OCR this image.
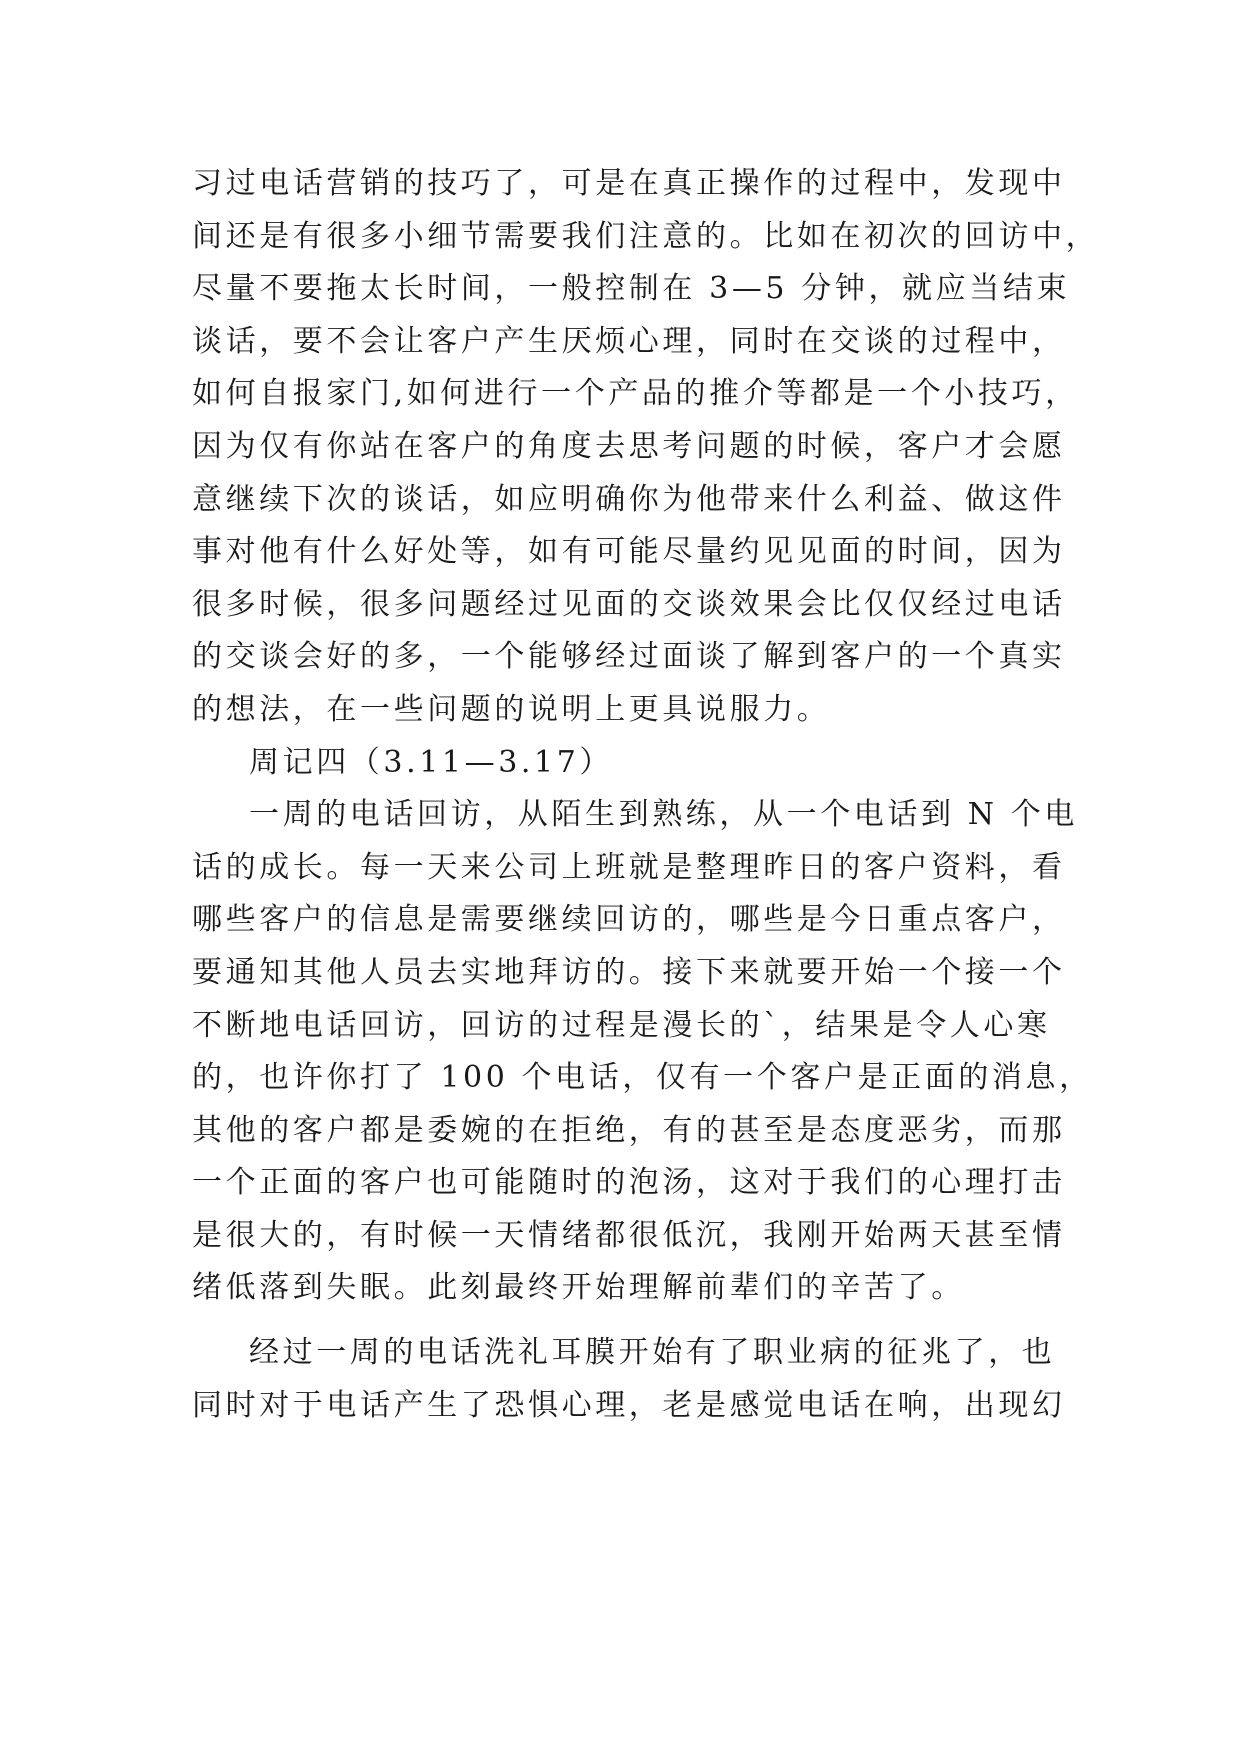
习过电话营销的技巧了，可是在真正操作的过程中，发现中
间还是有很多小细节需要我们注意的。比如在初次的回访中，
尽量不要拖太长时间，一般控制在 3—5 分钟，就应当结束
谈话，要不会让客户产生厌烦心理，同时在交谈的过程中，
如何自报家门,如何进行一个产品的推介等都是一个小技巧，
因为仅有你站在客户的角度去思考问题的时候，客户才会愿
意继续下次的谈话，如应明确你为他带来什么利益、做这件
事对他有什么好处等，如有可能尽量约见见面的时间，因为
很多时候，很多问题经过见面的交谈效果会比仅仅经过电话
的交谈会好的多，一个能够经过面谈了解到客户的一个真实
的想法，在一些问题的说明上更具说服力。
周记四（3.11—3.17）
一周的电话回访，从陌生到熟练，从一个电话到 N 个电
话的成长。每一天来公司上班就是整理昨日的客户资料，看
哪些客户的信息是需要继续回访的，哪些是今日重点客户，
要通知其他人员去实地拜访的。接下来就要开始一个接一个
不断地电话回访，回访的过程是漫长的`，结果是令人心寒
的，也许你打了 100 个电话，仅有一个客户是正面的消息，
其他的客户都是委婉的在拒绝，有的甚至是态度恶劣，而那
一个正面的客户也可能随时的泡汤，这对于我们的心理打击
是很大的，有时候一天情绪都很低沉，我刚开始两天甚至情
绪低落到失眠。此刻最终开始理解前辈们的辛苦了。
经过一周的电话洗礼耳膜开始有了职业病的征兆了，也
同时对于电话产生了恐惧心理，老是感觉电话在响，出现幻
